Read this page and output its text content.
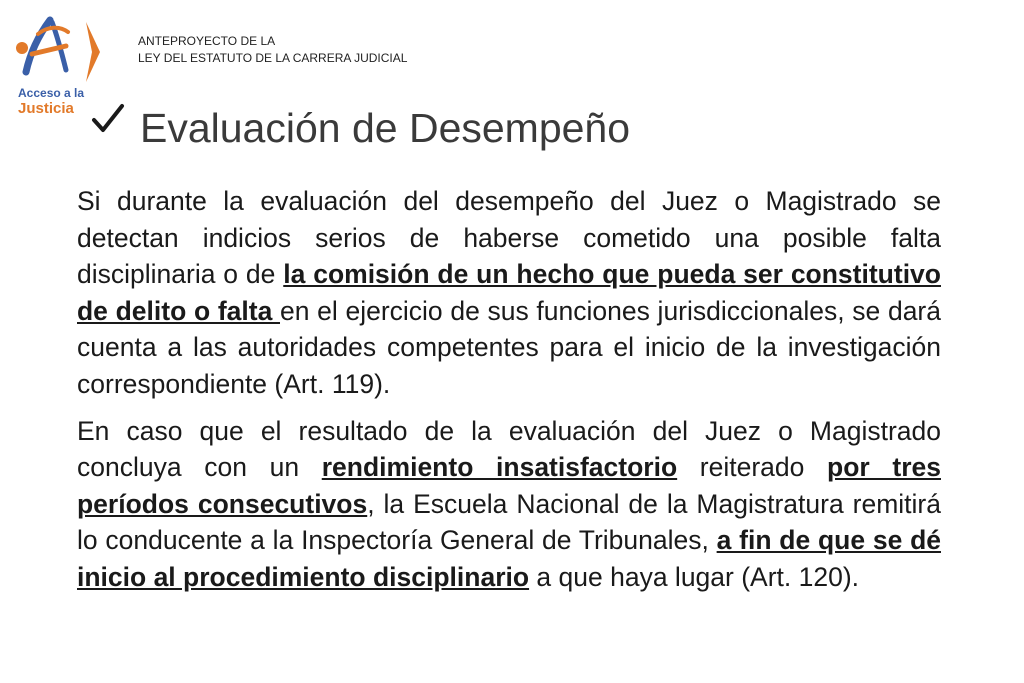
Acceso a la
Justicia
ANTEPROYECTO DE LA
LEY DEL ESTATUTO DE LA CARRERA JUDICIAL
Evaluación de Desempeño

Si durante la evaluación del desempeño del Juez o Magistrado se detectan indicios serios de haberse cometido una posible falta disciplinaria o de la comisión de un hecho que pueda ser constitutivo de delito o falta en el ejercicio de sus funciones jurisdiccionales, se dará cuenta a las autoridades competentes para el inicio de la investigación correspondiente (Art. 119).

En caso que el resultado de la evaluación del Juez o Magistrado concluya con un rendimiento insatisfactorio reiterado por tres períodos consecutivos, la Escuela Nacional de la Magistratura remitirá lo conducente a la Inspectoría General de Tribunales, a fin de que se dé inicio al procedimiento disciplinario a que haya lugar (Art. 120).
